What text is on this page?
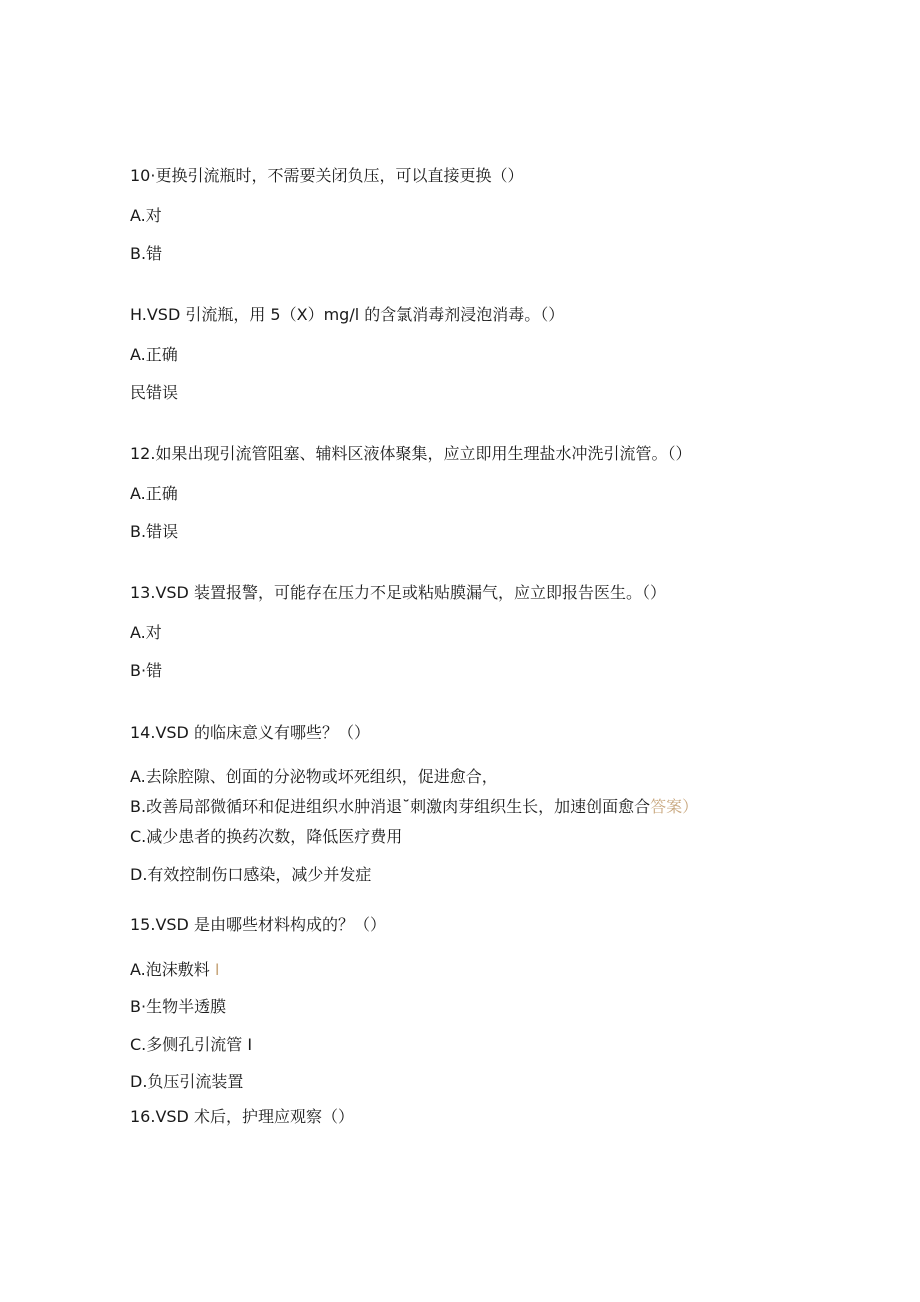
10·更换引流瓶时，不需要关闭负压，可以直接更换（）
A.对
B.错
H.VSD 引流瓶，用 5（X）mg/l 的含氯消毒剂浸泡消毒。（）
A.正确
民错误
12.如果出现引流管阻塞、辅料区液体聚集，应立即用生理盐水冲洗引流管。（）
A.正确
B.错误
13.VSD 装置报警，可能存在压力不足或粘贴膜漏气，应立即报告医生。（）
A.对
B·错
14.VSD 的临床意义有哪些？（）
A.去除腔隙、创面的分泌物或坏死组织，促进愈合，
B.改善局部微循环和促进组织水肿消退˘刺激肉芽组织生长，加速创面愈合答案）
C.减少患者的换药次数，降低医疗费用
D.有效控制伤口感染，减少并发症
15.VSD 是由哪些材料构成的？（）
A.泡沫敷料 I
B·生物半透膜
C.多侧孔引流管 I
D.负压引流装置
16.VSD 术后，护理应观察（）
